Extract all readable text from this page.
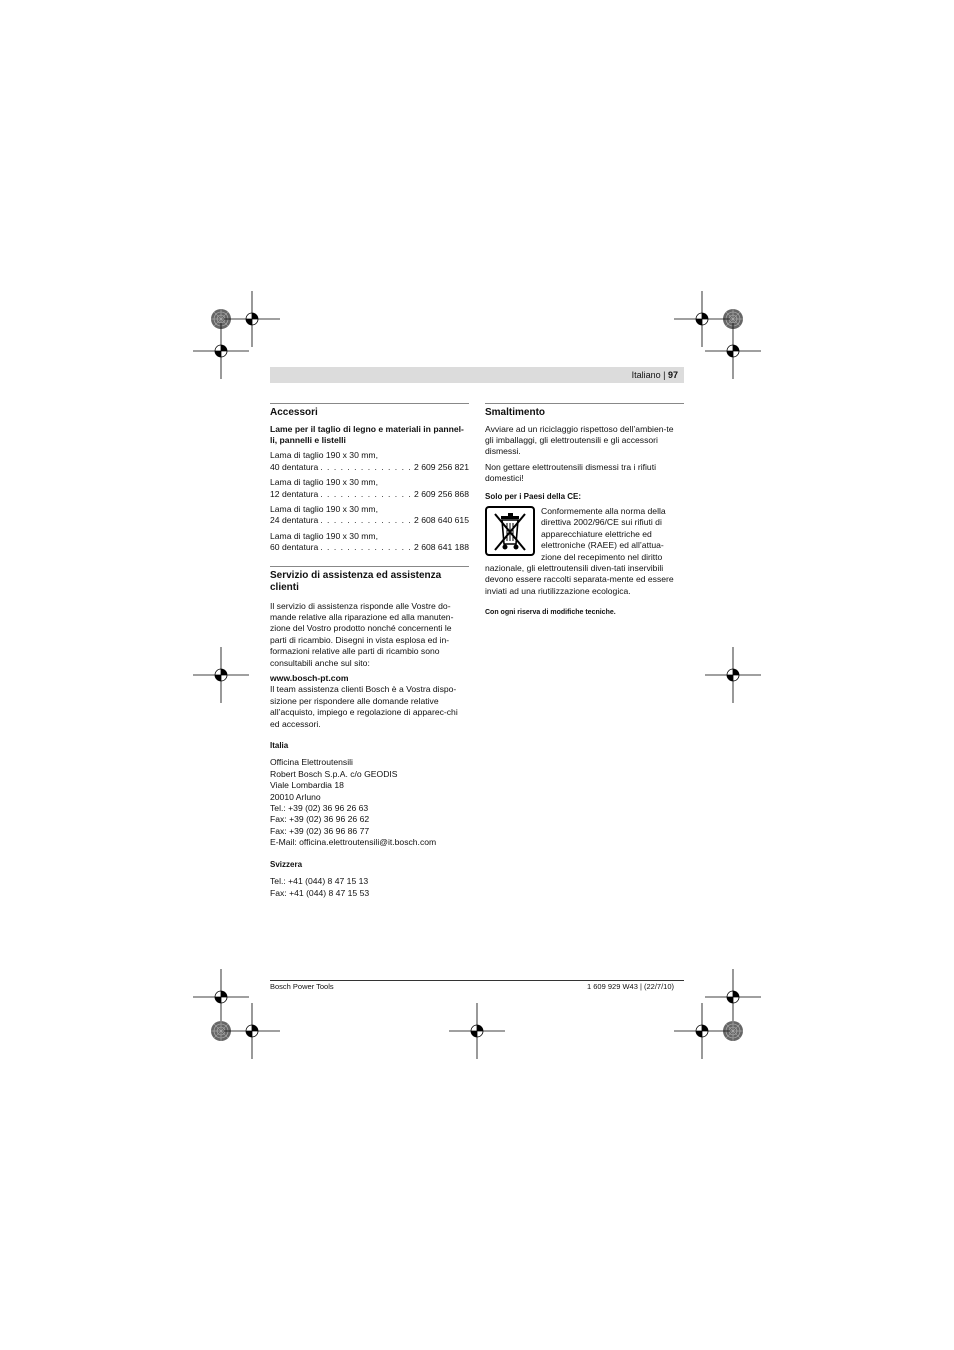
Italiano | 97
Accessori

Lame per il taglio di legno e materiali in pannel-li, pannelli e listelli

Lama di taglio 190 x 30 mm,
40 dentatura . . .	2 609 256 821
Lama di taglio 190 x 30 mm,
12 dentatura . . .	2 609 256 868
Lama di taglio 190 x 30 mm,
24 dentatura . . .	2 608 640 615
Lama di taglio 190 x 30 mm,
60 dentatura . . .	2 608 641 188
Servizio di assistenza ed assistenza clienti

Il servizio di assistenza risponde alle Vostre do-mande relative alla riparazione ed alla manuten-zione del Vostro prodotto nonché concernenti le parti di ricambio. Disegni in vista esplosa ed in-formazioni relative alle parti di ricambio sono consultabili anche sul sito:

www.bosch-pt.com

Il team assistenza clienti Bosch è a Vostra dispo-sizione per rispondere alle domande relative all’acquisto, impiego e regolazione di apparec-chi ed accessori.

Italia

Officina Elettroutensili
Robert Bosch S.p.A. c/o GEODIS
Viale Lombardia 18
20010 Arluno
Tel.: +39 (02) 36 96 26 63
Fax: +39 (02) 36 96 26 62
Fax: +39 (02) 36 96 86 77
E-Mail: officina.elettroutensili@it.bosch.com

Svizzera

Tel.: +41 (044) 8 47 15 13
Fax: +41 (044) 8 47 15 53
Smaltimento

Avviare ad un riciclaggio rispettoso dell’ambien-te gli imballaggi, gli elettroutensili e gli accessori dismessi.

Non gettare elettroutensili dismessi tra i rifiuti domestici!

Solo per i Paesi della CE:

Conformemente alla norma della direttiva 2002/96/CE sui rifiuti di apparecchiature elettriche ed elettroniche (RAEE) ed all’attua-zione del recepimento nel diritto nazionale, gli elettroutensili diven-tati inservibili devono essere raccolti separata-mente ed essere inviati ad una riutilizzazione ecologica.

Con ogni riserva di modifiche tecniche.

Bosch Power Tools	1 609 929 W43 | (22/7/10)
